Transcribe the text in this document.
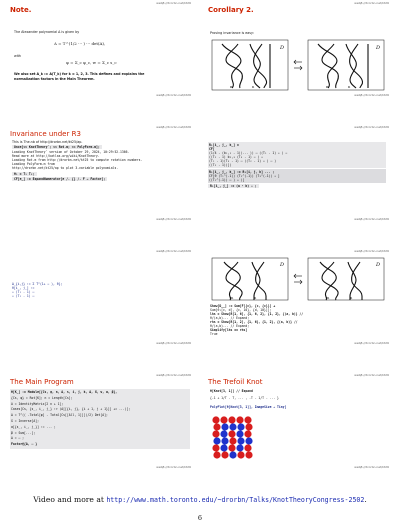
webβ://drorbn.net/kt26
Note.
The Alexander polynomial Δ is given by
Δ = T^(1/2 ⋯ ) ⋯ det(A),
with
φ = Σ_c φ_c, w = Σ_c s_c
We also set Δ_k := Δ(T_k) for k = 1, 2, 3. This defines and explains the
normalization factors in the Main Theorem.
webβ://drorbn.net/kt26
webβ://drorbn.net/kt26
Corollary 2.
Proving invariance is easy:
D	D
m	n	m	n
webβ://drorbn.net/kt26
webβ://drorbn.net/kt26
Invariance under R3
This is The.nb of http://drorbn.net/kt25/ap.
Once[<< KnotTheory`; << Rot.m; << PolyForm.m];
Loading KnotTheory` version of October 29, 2024, 10:29:52.1366.
Read more at http://katlas.org/wiki/KnotTheory.
Loading Rot.m from http://drorbn.net/kt25 to compute rotation numbers.
Loading PolyForm.m from
http://drorbn.net/kt25/ap to plot 3-variable polynomials.
θ₁ = T₁ T₂;
CF[e_] := ExpandNumerator[e /. {} /. F → Factor];
webβ://drorbn.net/kt26
webβ://drorbn.net/kt26
R₁[i_, j_, k_] =
CF[
(1/4 - (b₁,₂ - 1)(... )) ⋯ ((T₁ - 1) ⋯ ) ⋯
((T₂ - 1) b₂,₃ (T₃ - 1) ⋯ ) ⋯
(T₁ - 1)(T₃ - 1) ⋯ ((T₂ - 1) ⋯ ) ⋯ )
((T₂ - 1))])
R₁[i_, j_, k_] := R₁[i, j, k] ... ;
CF[θ (T₁^(-1)) (T₂^(-1)) (T₃^(-1)) ⋯ ]
((T₁^(-1)) ⋯ ) ⋯ )]
R₁[i_, j_] := (a - b) ⋯ ;
webβ://drorbn.net/kt26
webβ://drorbn.net/kt26
Δ_{i,j} := Σ T^(1+ ⋯ ), θ};
θ[i_, j_] :=
⋯ (T₁ - 1) ⋯
⋯ (T₁ - 1) ⋯
webβ://drorbn.net/kt26
webβ://drorbn.net/kt26
D	D
m	n	m	n
Show[D__] := Sum[F[{c}, {c, {c}}] +
Sum[θ₁[c, d], {c, 10}, {d, 10}]];
lhs = Show[R[1, 6], {1, 6, 2}, {1, 2}, {(a, b)} //
θ/(a,b)... // Expand;
rhs = Show[R[1, 2], {1, 6}, {1, 2}, {(a, b)} //
θ/(a,b)... // Expand;
Simplify[lhs == rhs]
True
webβ://drorbn.net/kt26
webβ://drorbn.net/kt26
The Main Program
θ[K_] := Module[{Cs, φ, n, A, s, i, j, k, Δ, G, ν, α, β},
{Cs, φ} = Rot[K]; n = Length[Cs];
A = IdentityMatrix[2 n + 1];
Cases[Cs, {s_, i_, j_} :> (A[[{i, j}, {i + 1, j + 1}]] += ...)];
Δ = T^(( -Total[φ] - Total[Cs[[All, 1]]])/2) Det[A];
G = Inverse[A];
α[{s_, i_, j_}] := ... ;
β = Sum[...];
Δ = ⋯ ;
Factor@{Δ, ⋯ }
webβ://drorbn.net/kt26
webβ://drorbn.net/kt26
The Trefoil Knot
θ[Knot[3, 1]] // Expand
{-1 + 1/T - T, ... , -T - 1/T - ... }
PolyPlot[θ[Knot[3, 1]], ImageSize → Tiny]
webβ://drorbn.net/kt26
Video and more at http://www.math.toronto.edu/~drorbn/Talks/KnotTheoryCongress-2502.
6
